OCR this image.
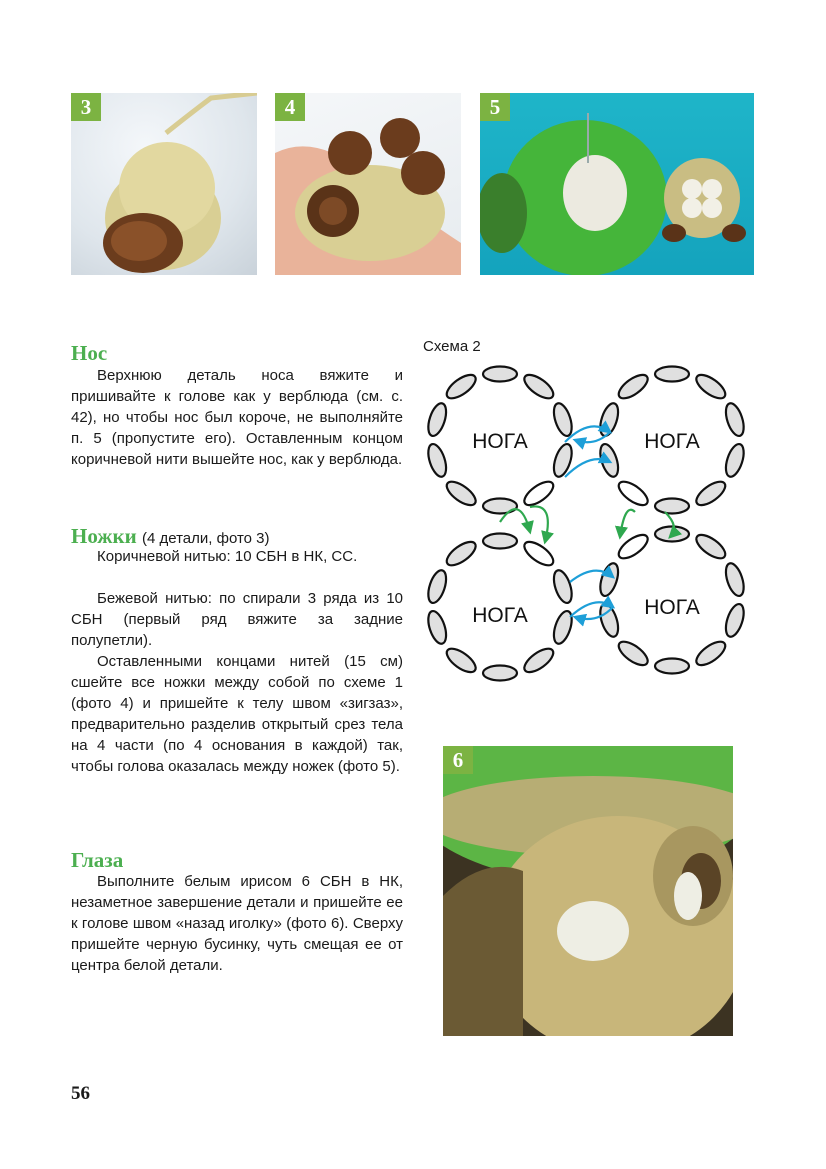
3	4	5
Нос

Верхнюю деталь носа вяжите и пришивайте к голове как у верблюда (см. с. 42), но чтобы нос был короче, не выполняйте п. 5 (пропустите его). Оставленным концом коричневой нити вышейте нос, как у верблюда.

Ножки (4 детали, фото 3)

Коричневой нитью: 10 СБН в НК, СС.

Бежевой нитью: по спирали 3 ряда из 10 СБН (первый ряд вяжите за задние полупетли).

Оставленными концами нитей (15 см) сшейте все ножки между собой по схеме 1 (фото 4) и пришейте к телу швом «зигзаз», предварительно разделив открытый срез тела на 4 части (по 4 основания в каждой) так, чтобы голова оказалась между ножек (фото 5).

Глаза

Выполните белым ирисом 6 СБН в НК, незаметное завершение детали и пришейте ее к голове швом «назад иголку» (фото 6). Сверху пришейте черную бусинку, чуть смещая ее от центра белой детали.

Схема 2
НОГА	НОГА
НОГА	НОГА
6
56
